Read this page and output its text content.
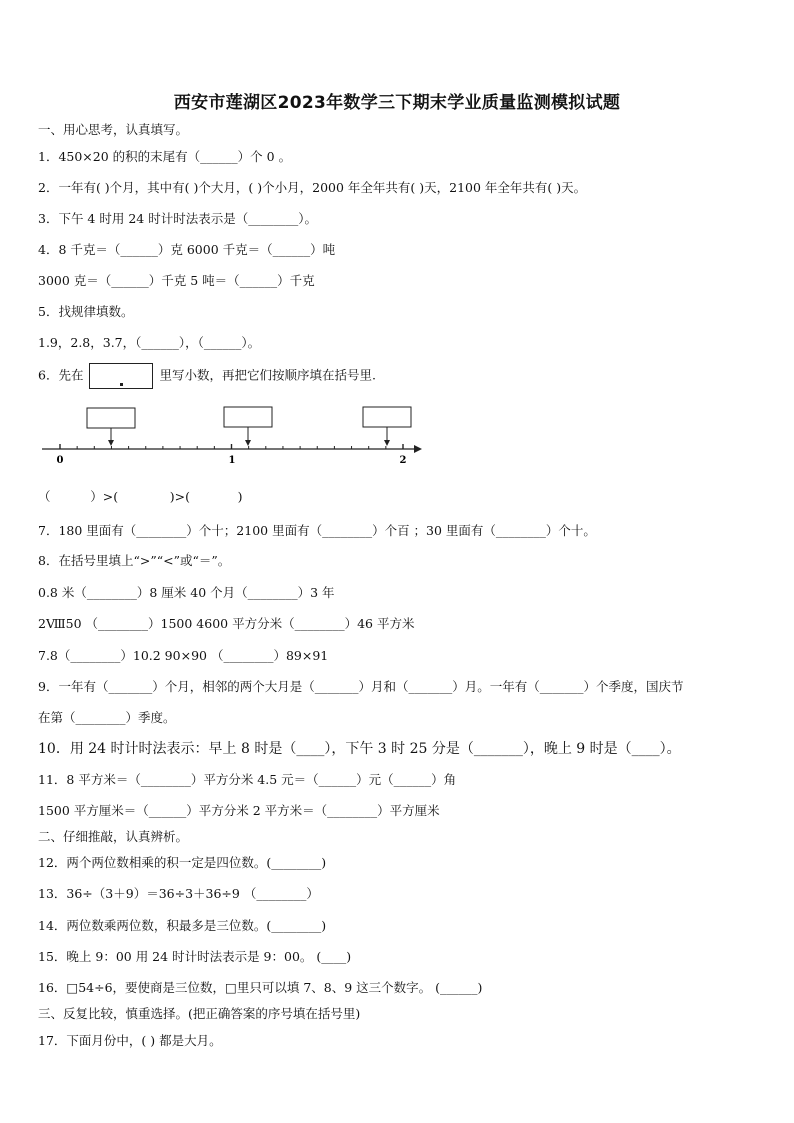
西安市莲湖区2023年数学三下期末学业质量监测模拟试题
一、用心思考，认真填写。
1．450×20 的积的末尾有（______）个 0 。
2．一年有( )个月，其中有( )个大月，( )个小月，2000 年全年共有( )天，2100 年全年共有( )天。
3．下午 4 时用 24 时计时法表示是（________）。
4．8 千克＝（______）克 6000 千克＝（______）吨
3000 克＝（______）千克 5 吨＝（______）千克
5．找规律填数。
1.9，2.8，3.7，（______），（______）。
6．先在	里写小数，再把它们按顺序填在括号里.
0	1	2
（          ）>(             )>(            )
7．180 里面有（________）个十；2100 里面有（________）个百 ；30 里面有（________）个十。
8．在括号里填上“>”“<”或“＝”。
0.8 米（________）8 厘米 40 个月（________）3 年
2Ⅷ50 （________）1500 4600 平方分米（________）46 平方米
7.8（________）10.2 90×90 （________）89×91
9．一年有（_______）个月，相邻的两个大月是（_______）月和（_______）月。一年有（_______）个季度，国庆节
在第（________）季度。
10．用 24 时计时法表示：早上 8 时是（____），下午 3 时 25 分是（_______），晚上 9 时是（____）。
11．8 平方米＝（________）平方分米 4.5 元＝（______）元（______）角
1500 平方厘米＝（______）平方分米 2 平方米＝（________）平方厘米
二、仔细推敲，认真辨析。
12．两个两位数相乘的积一定是四位数。(________)
13．36÷（3＋9）＝36÷3＋36÷9 （________）
14．两位数乘两位数，积最多是三位数。(________)
15．晚上 9：00 用 24 时计时法表示是 9：00。 (____)
16．□54÷6，要使商是三位数，□里只可以填 7、8、9 这三个数字。 (______)
三、反复比较，慎重选择。(把正确答案的序号填在括号里)
17．下面月份中，( ) 都是大月。
